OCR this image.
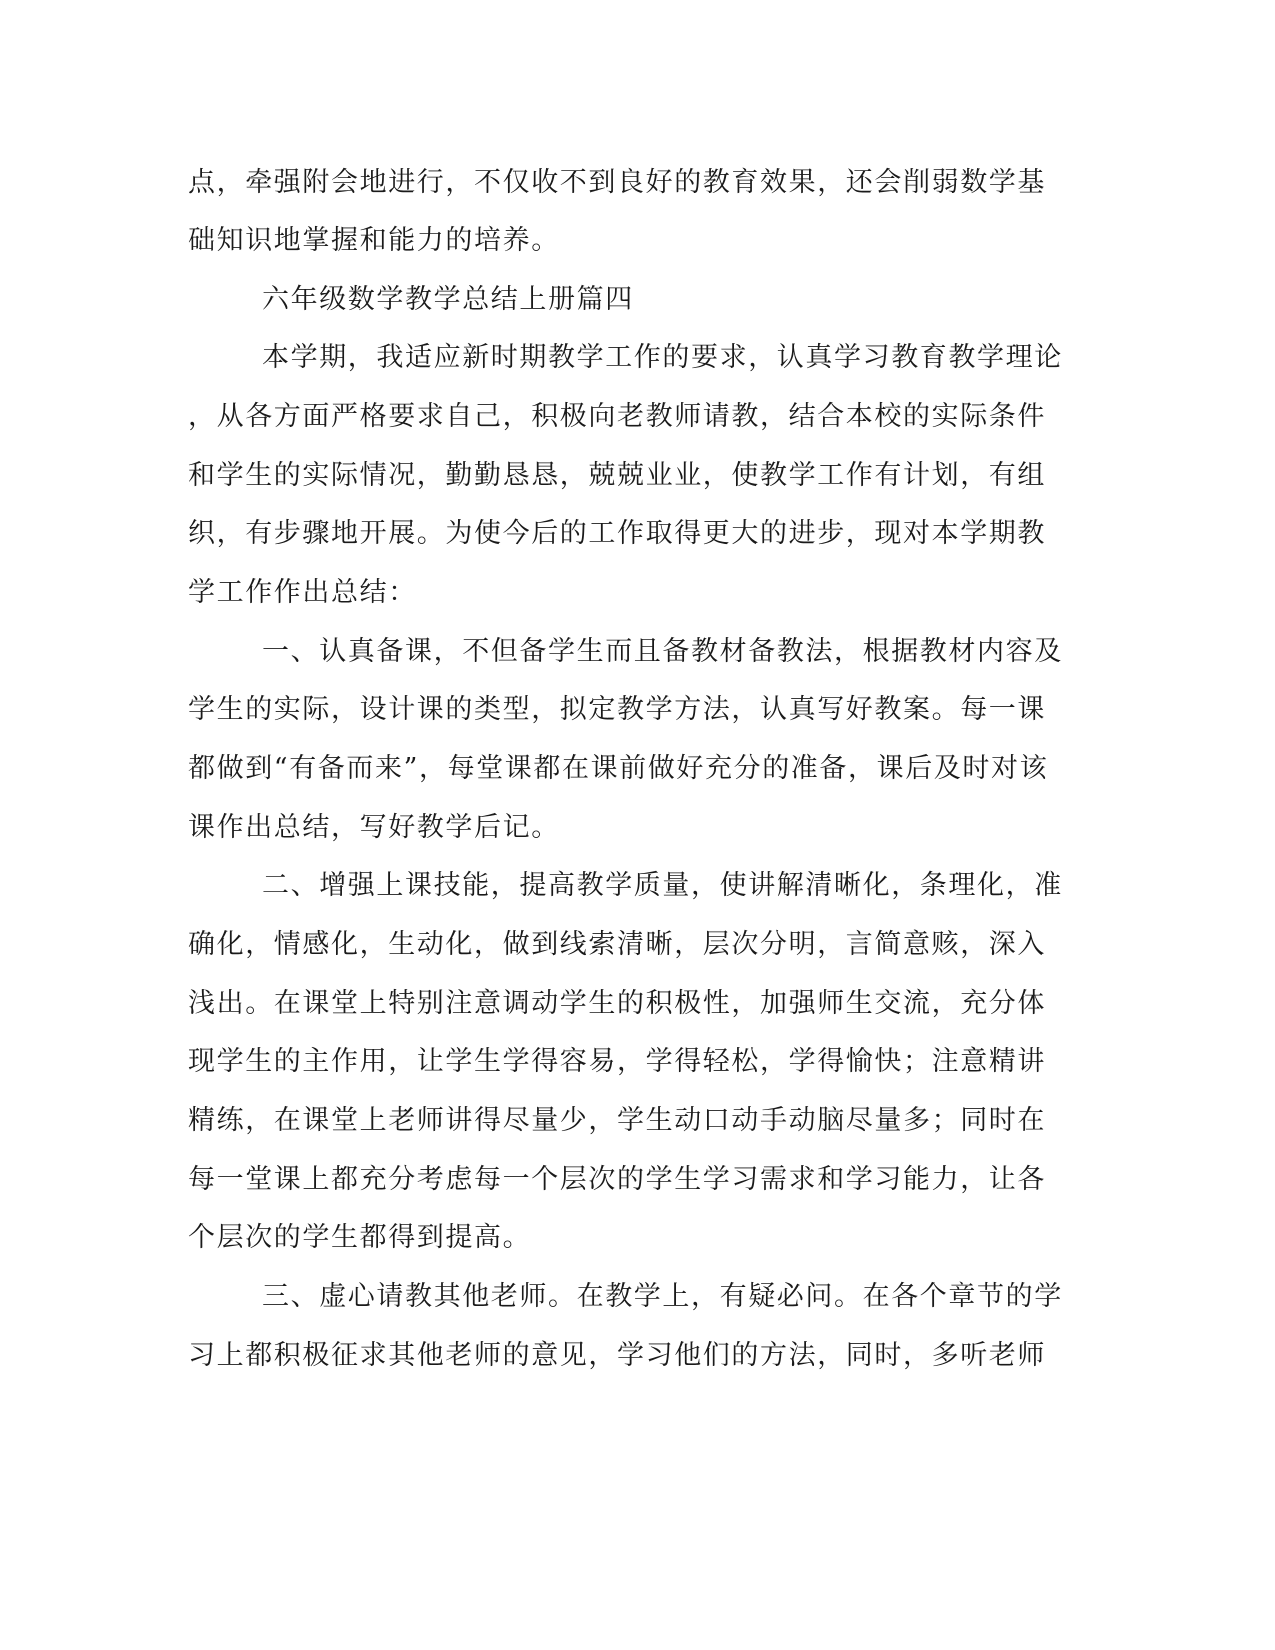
点，牵强附会地进行，不仅收不到良好的教育效果，还会削弱数学基
础知识地掌握和能力的培养。
六年级数学教学总结上册篇四
本学期，我适应新时期教学工作的要求，认真学习教育教学理论
，从各方面严格要求自己，积极向老教师请教，结合本校的实际条件
和学生的实际情况，勤勤恳恳，兢兢业业，使教学工作有计划，有组
织，有步骤地开展。为使今后的工作取得更大的进步，现对本学期教
学工作作出总结：
一、认真备课，不但备学生而且备教材备教法，根据教材内容及
学生的实际，设计课的类型，拟定教学方法，认真写好教案。每一课
都做到“有备而来”，每堂课都在课前做好充分的准备，课后及时对该
课作出总结，写好教学后记。
二、增强上课技能，提高教学质量，使讲解清晰化，条理化，准
确化，情感化，生动化，做到线索清晰，层次分明，言简意赅，深入
浅出。在课堂上特别注意调动学生的积极性，加强师生交流，充分体
现学生的主作用，让学生学得容易，学得轻松，学得愉快；注意精讲
精练，在课堂上老师讲得尽量少，学生动口动手动脑尽量多；同时在
每一堂课上都充分考虑每一个层次的学生学习需求和学习能力，让各
个层次的学生都得到提高。
三、虚心请教其他老师。在教学上，有疑必问。在各个章节的学
习上都积极征求其他老师的意见，学习他们的方法，同时，多听老师
